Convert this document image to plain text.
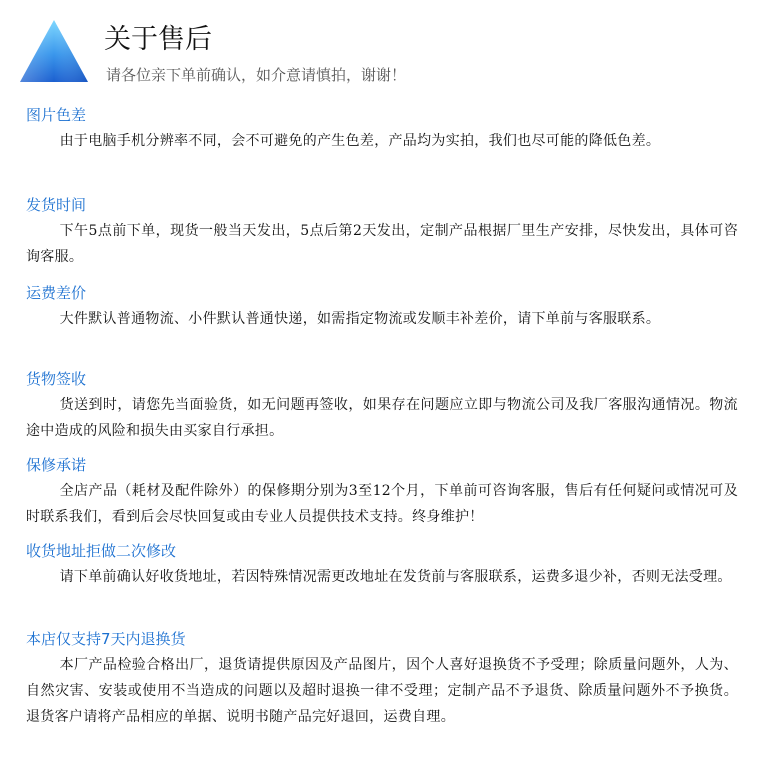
关于售后
请各位亲下单前确认，如介意请慎拍，谢谢！
图片色差
由于电脑手机分辨率不同，会不可避免的产生色差，产品均为实拍，我们也尽可能的降低色差。
发货时间
下午5点前下单，现货一般当天发出，5点后第2天发出，定制产品根据厂里生产安排，尽快发出，具体可咨询客服。
运费差价
大件默认普通物流、小件默认普通快递，如需指定物流或发顺丰补差价，请下单前与客服联系。
货物签收
货送到时，请您先当面验货，如无问题再签收，如果存在问题应立即与物流公司及我厂客服沟通情况。物流途中造成的风险和损失由买家自行承担。
保修承诺
全店产品（耗材及配件除外）的保修期分别为3至12个月，下单前可咨询客服，售后有任何疑问或情况可及时联系我们，看到后会尽快回复或由专业人员提供技术支持。终身维护！
收货地址拒做二次修改
请下单前确认好收货地址，若因特殊情况需更改地址在发货前与客服联系，运费多退少补，否则无法受理。
本店仅支持7天内退换货
本厂产品检验合格出厂，退货请提供原因及产品图片，因个人喜好退换货不予受理；除质量问题外，人为、自然灾害、安装或使用不当造成的问题以及超时退换一律不受理；定制产品不予退货、除质量问题外不予换货。退货客户请将产品相应的单据、说明书随产品完好退回，运费自理。
